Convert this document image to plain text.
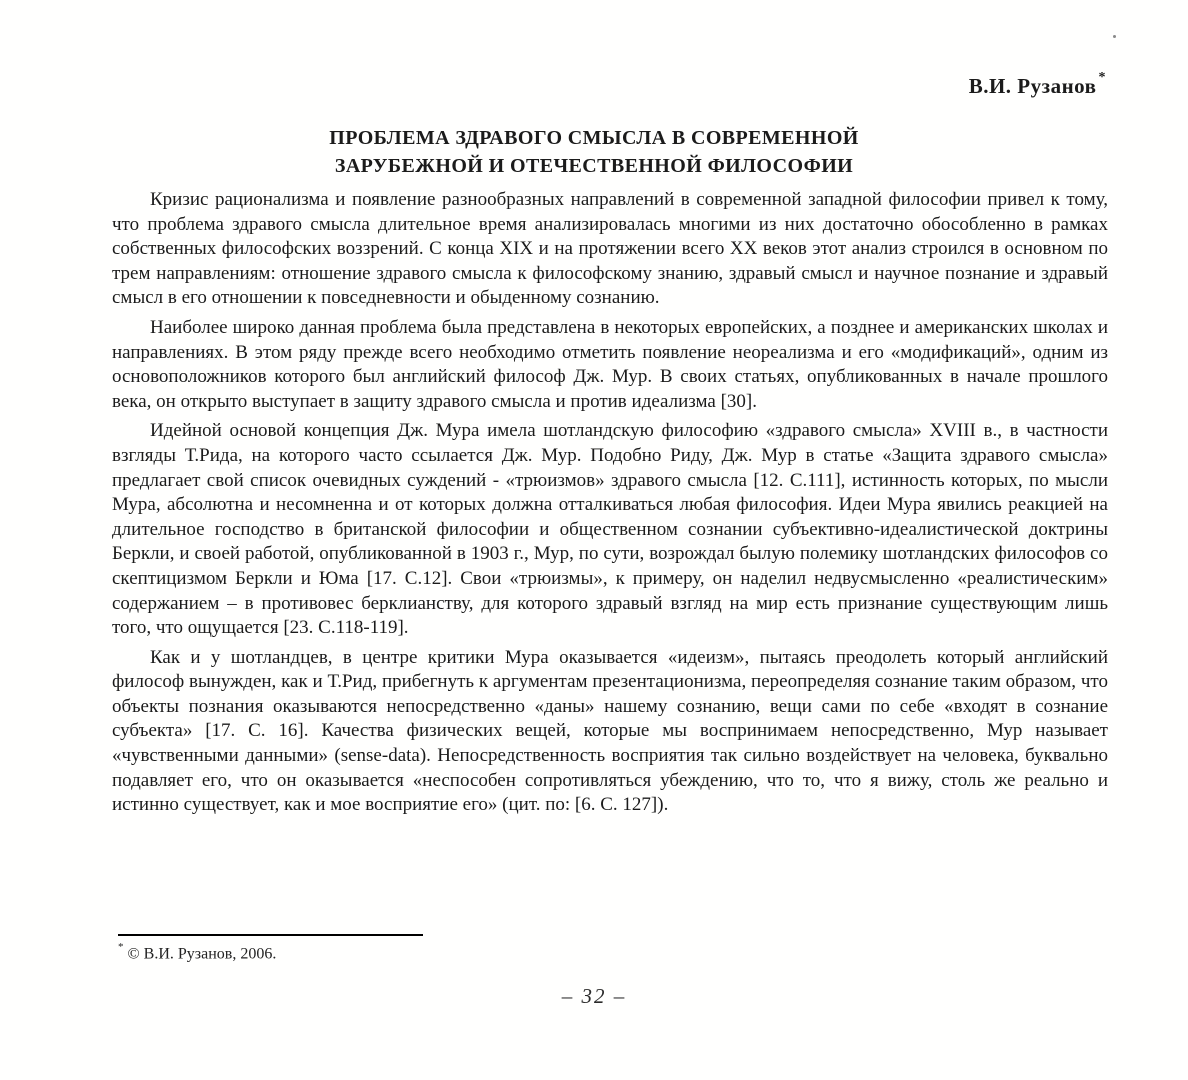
В.И. Рузанов *
ПРОБЛЕМА ЗДРАВОГО СМЫСЛА В СОВРЕМЕННОЙ
ЗАРУБЕЖНОЙ И ОТЕЧЕСТВЕННОЙ ФИЛОСОФИИ

Кризис рационализма и появление разнообразных направлений в современной западной философии привел к тому, что проблема здравого смысла длительное время анализировалась многими из них достаточно обособленно в рамках собственных философских воззрений. С конца XIX и на протяжении всего XX веков этот анализ строился в основном по трем направлениям: отношение здравого смысла к философскому знанию, здравый смысл и научное познание и здравый смысл в его отношении к повседневности и обыденному сознанию.

Наиболее широко данная проблема была представлена в некоторых европейских, а позднее и американских школах и направлениях. В этом ряду прежде всего необходимо отметить появление неореализма и его «модификаций», одним из основоположников которого был английский философ Дж. Мур. В своих статьях, опубликованных в начале прошлого века, он открыто выступает в защиту здравого смысла и против идеализма [30].

Идейной основой концепция Дж. Мура имела шотландскую философию «здравого смысла» XVIII в., в частности взгляды Т.Рида, на которого часто ссылается Дж. Мур. Подобно Риду, Дж. Мур в статье «Защита здравого смысла» предлагает свой список очевидных суждений - «трюизмов» здравого смысла [12. С.111], истинность которых, по мысли Мура, абсолютна и несомненна и от которых должна отталкиваться любая философия. Идеи Мура явились реакцией на длительное господство в британской философии и общественном сознании субъективно-идеалистической доктрины Беркли, и своей работой, опубликованной в 1903 г., Мур, по сути, возрождал былую полемику шотландских философов со скептицизмом Беркли и Юма [17. С.12]. Свои «трюизмы», к примеру, он наделил недвусмысленно «реалистическим» содержанием – в противовес берклианству, для которого здравый взгляд на мир есть признание существующим лишь того, что ощущается [23. С.118-119].

Как и у шотландцев, в центре критики Мура оказывается «идеизм», пытаясь преодолеть который английский философ вынужден, как и Т.Рид, прибегнуть к аргументам презентационизма, переопределяя сознание таким образом, что объекты познания оказываются непосредственно «даны» нашему сознанию, вещи сами по себе «входят в сознание субъекта» [17. С. 16]. Качества физических вещей, которые мы воспринимаем непосредственно, Мур называет «чувственными данными» (sense-data). Непосредственность восприятия так сильно воздействует на человека, буквально подавляет его, что он оказывается «неспособен сопротивляться убеждению, что то, что я вижу, столь же реально и истинно существует, как и мое восприятие его» (цит. по: [6. С. 127]).

* © В.И. Рузанов, 2006.
– 32 –
